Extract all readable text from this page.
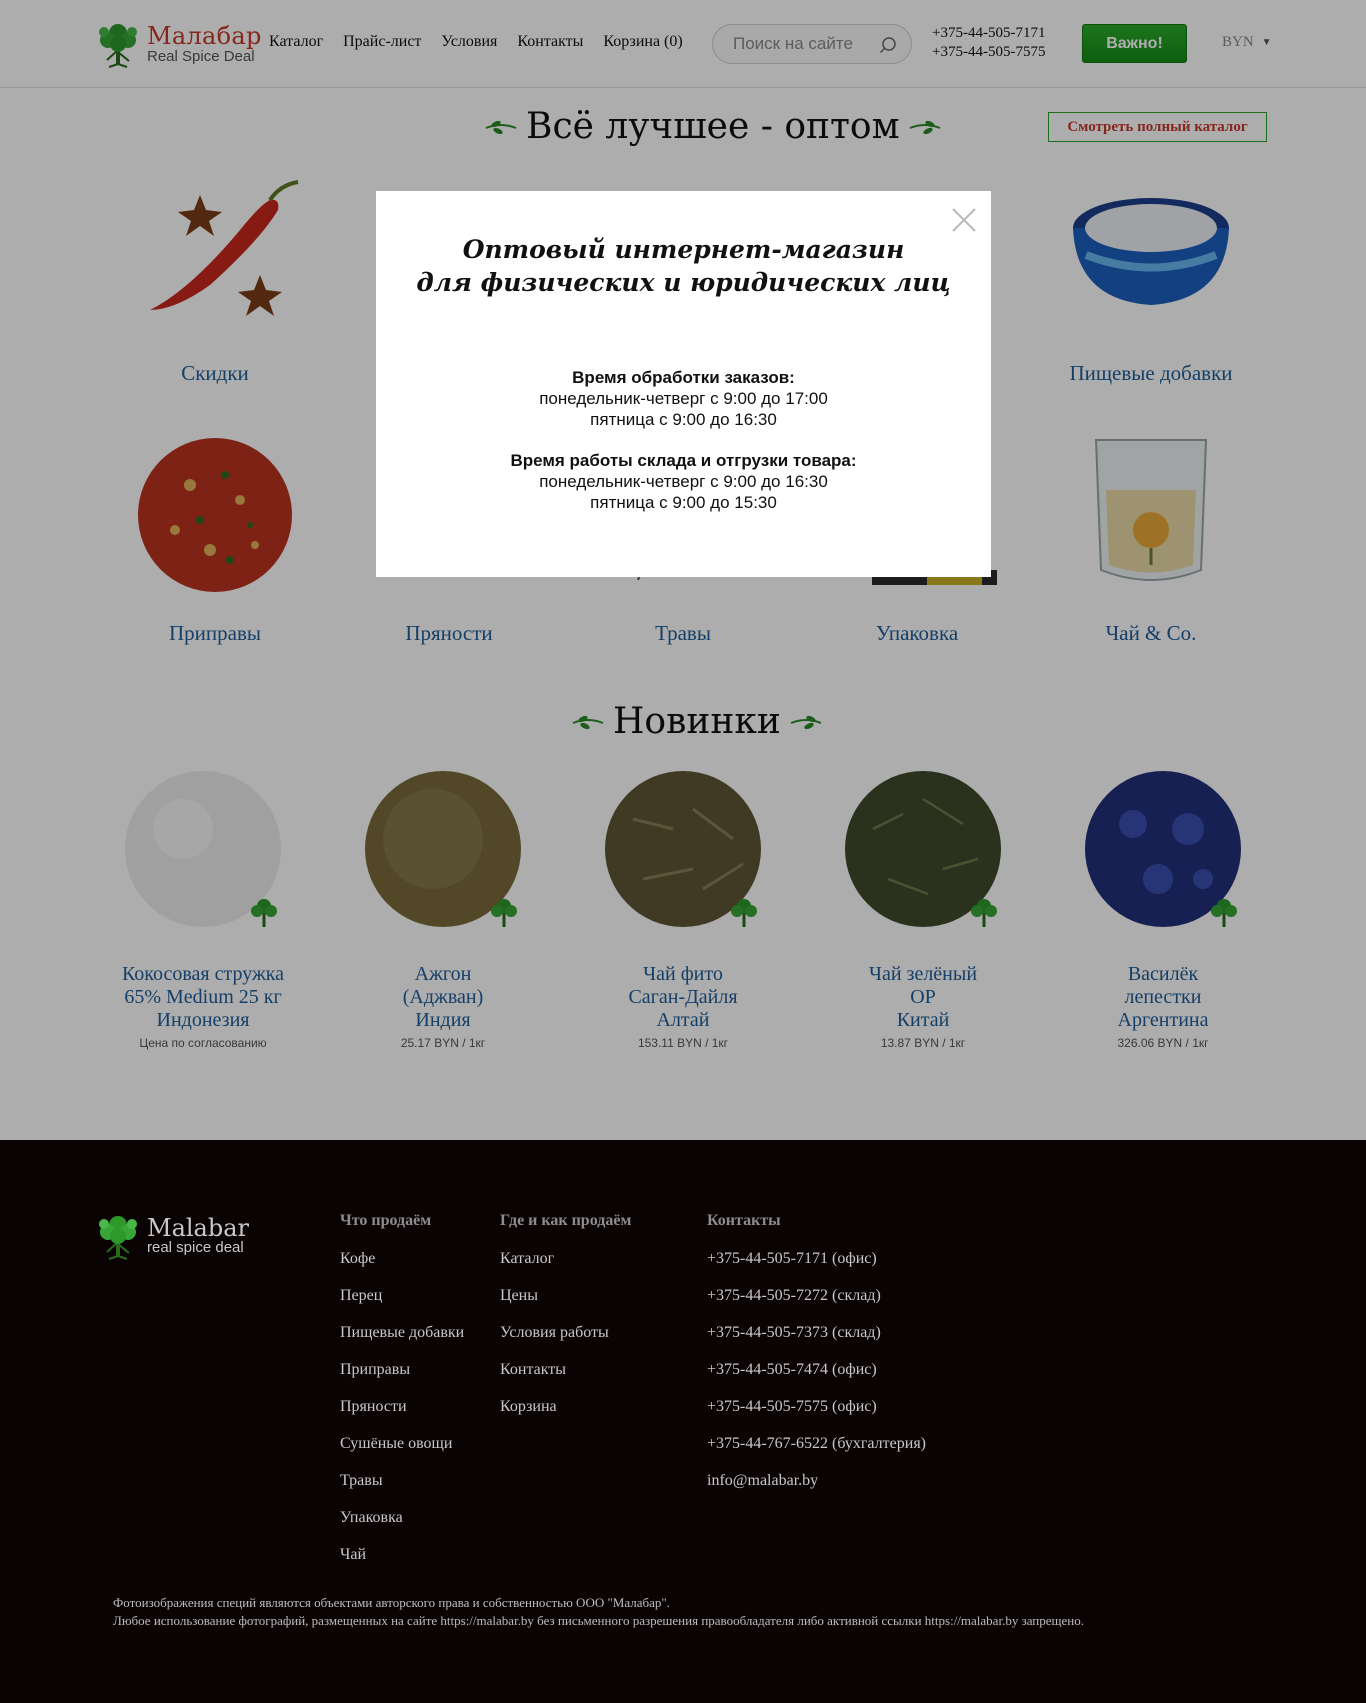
Малабар
Real Spice Deal
Каталог Прайс-лист Условия Контакты Корзина (0)
Поиск на сайте	+375-44-505-7171
+375-44-505-7575
Важно!	BYN ▼
Всё лучшее - оптом	Смотреть полный каталог
Скидки	Пищевые добавки
Приправы	Пряности	Травы	Упаковка	Чай & Co.
Новинки
Кокосовая стружка
65% Medium 25 кг
Индонезия
Цена по согласованию
Ажгон
(Аджван)
Индия
25.17 BYN / 1кг
Чай фито
Саган-Дайля
Алтай
153.11 BYN / 1кг
Чай зелёный
OP
Китай
13.87 BYN / 1кг
Василёк
лепестки
Аргентина
326.06 BYN / 1кг
Оптовый интернет-магазин
для физических и юридических лиц
Время обработки заказов:
понедельник-четверг с 9:00 до 17:00
пятница с 9:00 до 16:30
Время работы склада и отгрузки товара:
понедельник-четверг с 9:00 до 16:30
пятница с 9:00 до 15:30
Malabar
real spice deal
Что продаём
Кофе
Перец
Пищевые добавки
Приправы
Пряности
Сушёные овощи
Травы
Упаковка
Чай
Где и как продаём
Каталог
Цены
Условия работы
Контакты
Корзина
Контакты
+375-44-505-7171 (офис)
+375-44-505-7272 (склад)
+375-44-505-7373 (склад)
+375-44-505-7474 (офис)
+375-44-505-7575 (офис)
+375-44-767-6522 (бухгалтерия)
info@malabar.by
Фотоизображения специй являются объектами авторского права и собственностью ООО "Малабар".
Любое использование фотографий, размещенных на сайте https://malabar.by без письменного разрешения правообладателя либо активной ссылки https://malabar.by запрещено.
